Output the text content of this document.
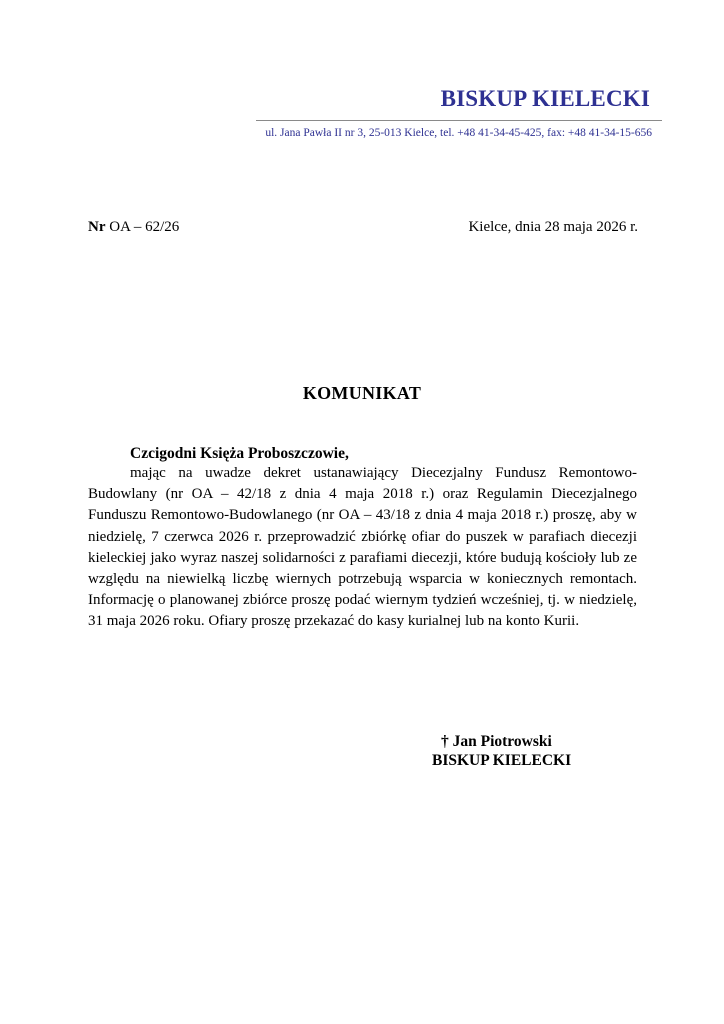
BISKUP KIELECKI
ul. Jana Pawła II nr 3, 25-013 Kielce, tel. +48 41-34-45-425, fax: +48 41-34-15-656
Nr OA – 62/26	Kielce, dnia 28 maja 2026 r.
KOMUNIKAT
Czcigodni Księża Proboszczowie,

mając na uwadze dekret ustanawiający Diecezjalny Fundusz Remontowo-Budowlany (nr OA – 42/18 z dnia 4 maja 2018 r.) oraz Regulamin Diecezjalnego Funduszu Remontowo-Budowlanego (nr OA – 43/18 z dnia 4 maja 2018 r.) proszę, aby w niedzielę, 7 czerwca 2026 r. przeprowadzić zbiórkę ofiar do puszek w parafiach diecezji kieleckiej jako wyraz naszej solidarności z parafiami diecezji, które budują kościoły lub ze względu na niewielką liczbę wiernych potrzebują wsparcia w koniecznych remontach. Informację o planowanej zbiórce proszę podać wiernym tydzień wcześniej, tj. w niedzielę, 31 maja 2026 roku. Ofiary proszę przekazać do kasy kurialnej lub na konto Kurii.

† Jan Piotrowski
BISKUP KIELECKI
